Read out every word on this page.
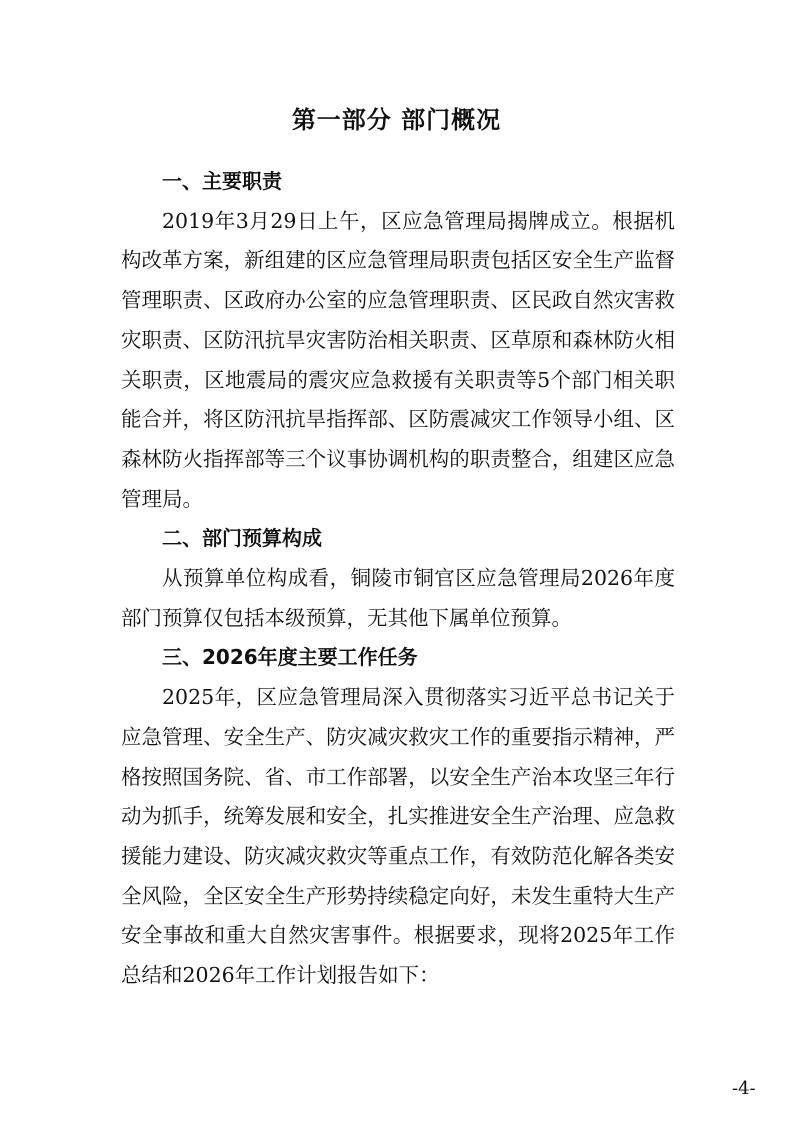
第一部分 部门概况

一、主要职责

2019年3月29日上午，区应急管理局揭牌成立。根据机构改革方案，新组建的区应急管理局职责包括区安全生产监督管理职责、区政府办公室的应急管理职责、区民政自然灾害救灾职责、区防汛抗旱灾害防治相关职责、区草原和森林防火相关职责，区地震局的震灾应急救援有关职责等5个部门相关职能合并，将区防汛抗旱指挥部、区防震减灾工作领导小组、区森林防火指挥部等三个议事协调机构的职责整合，组建区应急管理局。

二、部门预算构成

从预算单位构成看，铜陵市铜官区应急管理局2026年度部门预算仅包括本级预算，无其他下属单位预算。

三、2026年度主要工作任务

2025年，区应急管理局深入贯彻落实习近平总书记关于应急管理、安全生产、防灾减灾救灾工作的重要指示精神，严格按照国务院、省、市工作部署，以安全生产治本攻坚三年行动为抓手，统筹发展和安全，扎实推进安全生产治理、应急救援能力建设、防灾减灾救灾等重点工作，有效防范化解各类安全风险，全区安全生产形势持续稳定向好，未发生重特大生产安全事故和重大自然灾害事件。根据要求，现将2025年工作总结和2026年工作计划报告如下：

-4-
